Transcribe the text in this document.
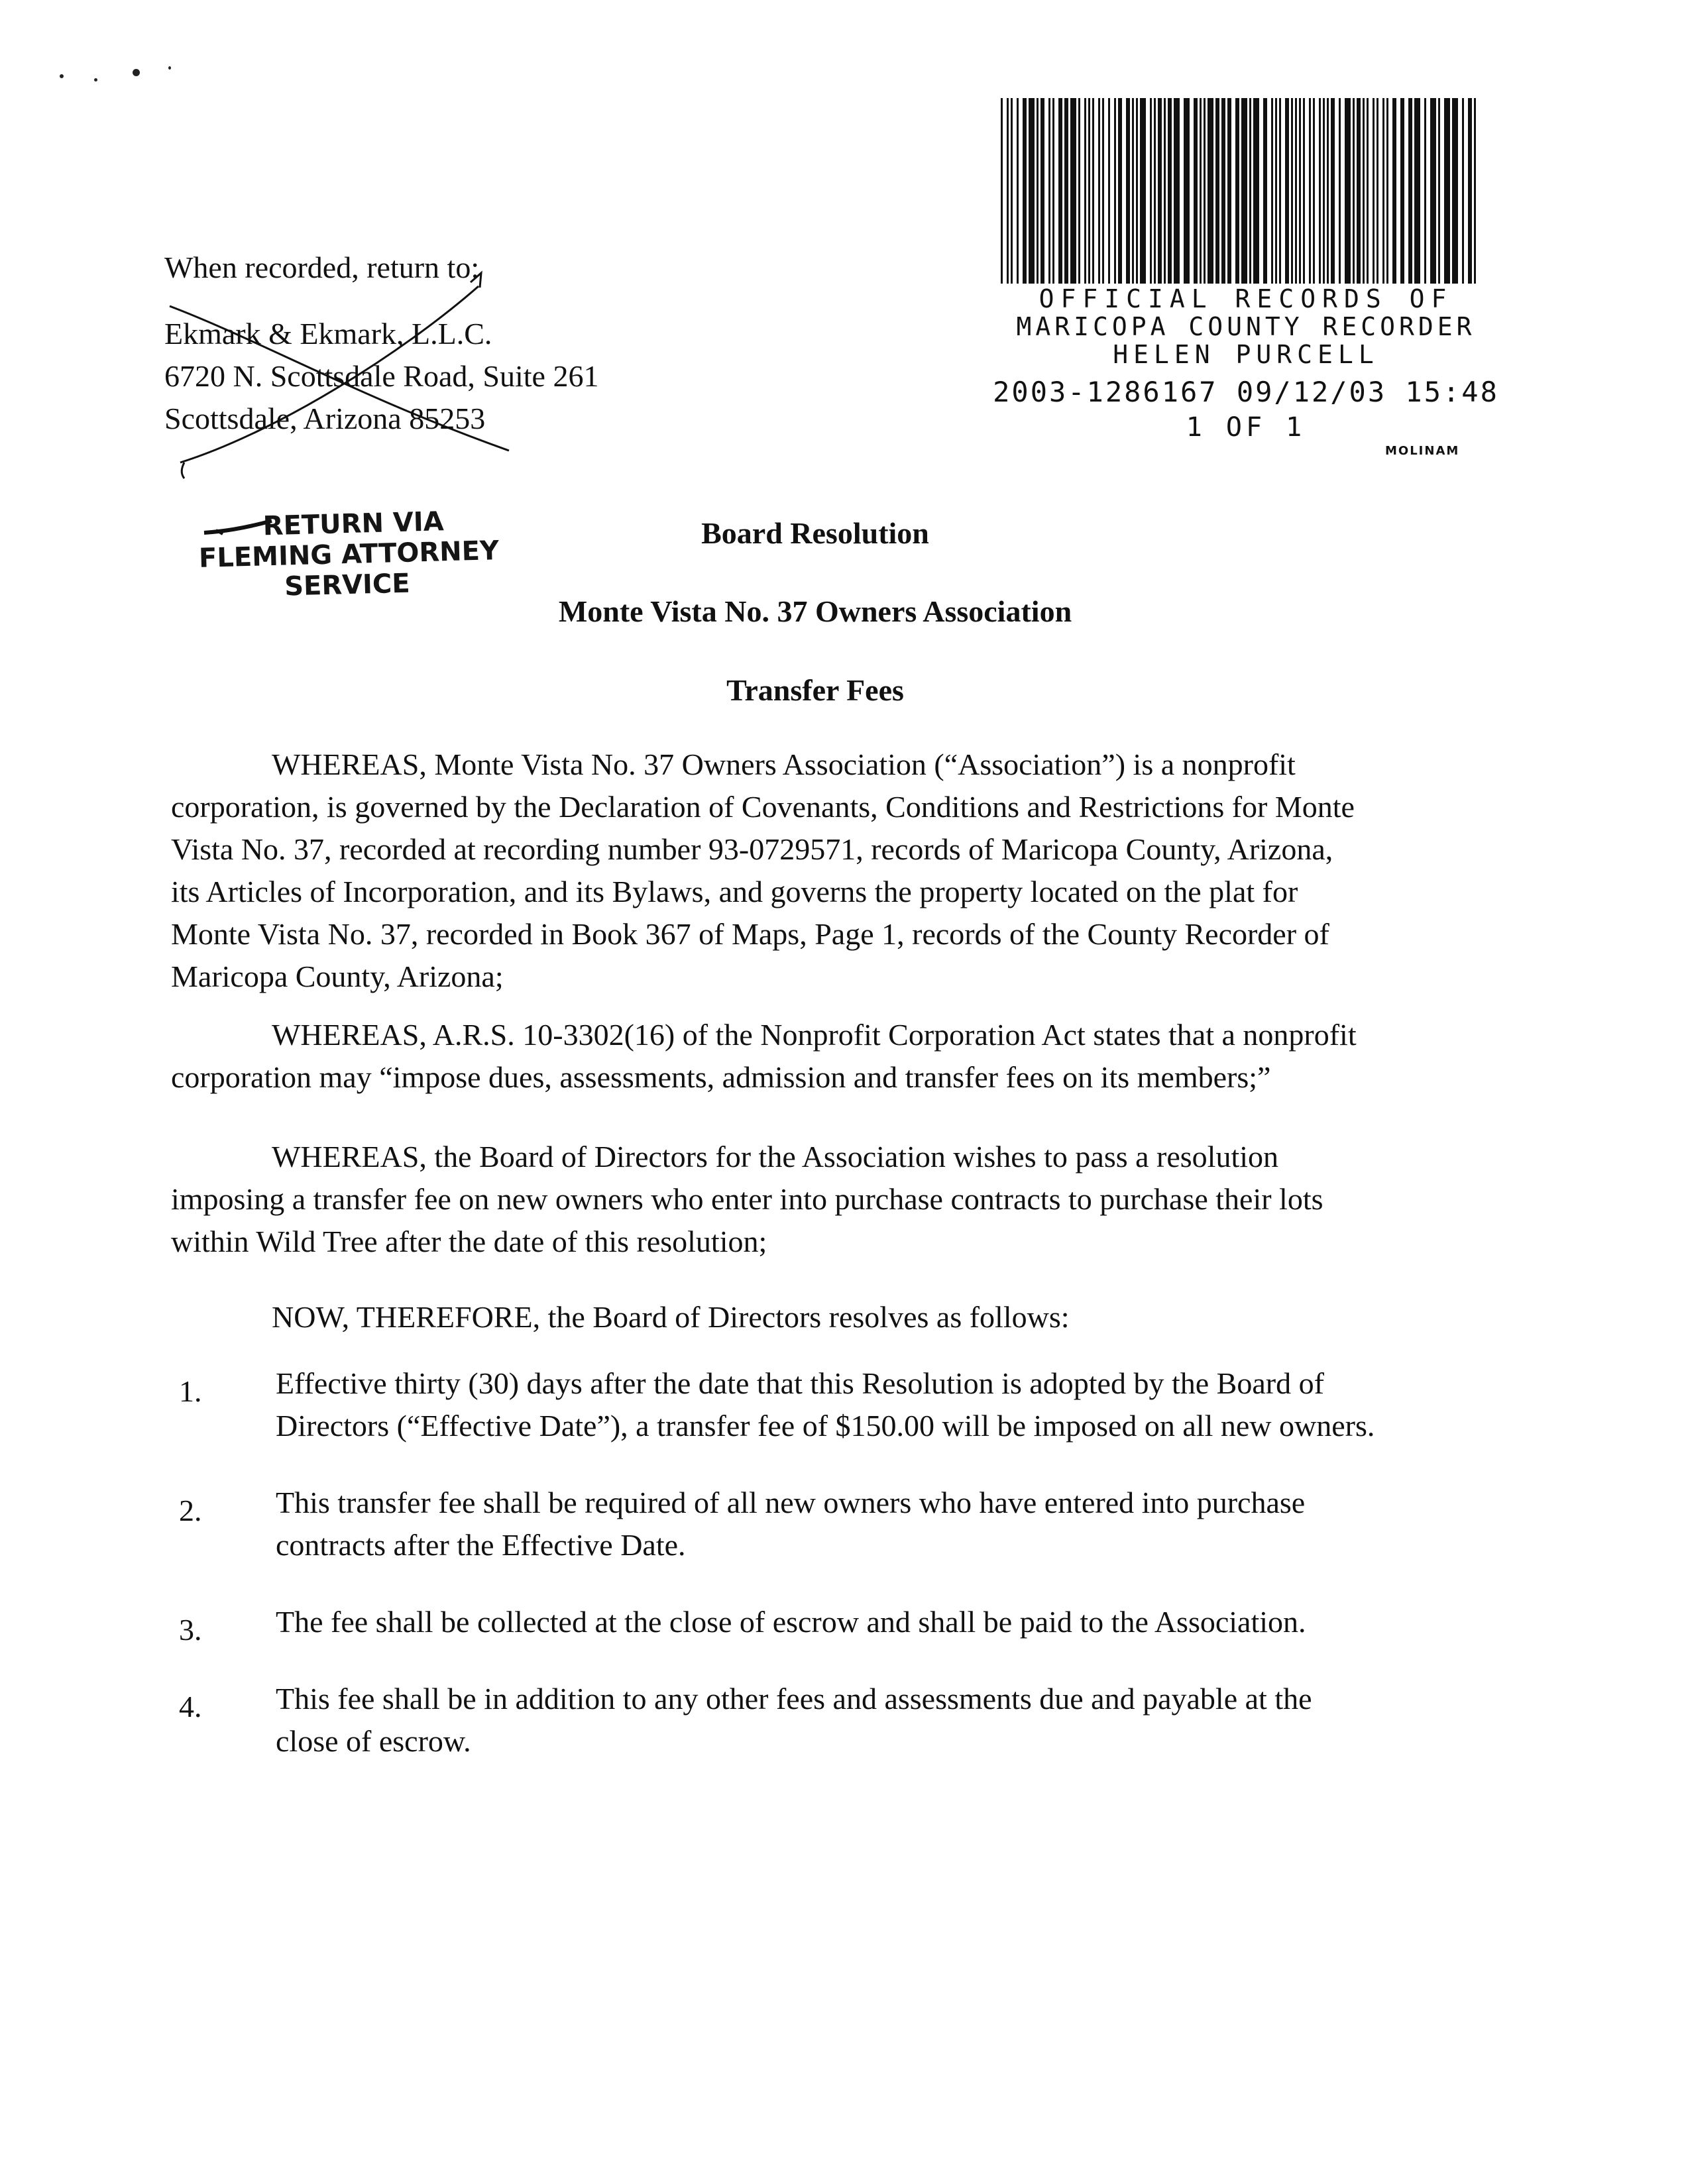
When recorded, return to:
Ekmark & Ekmark, L.L.C.
6720 N. Scottsdale Road, Suite 261
Scottsdale, Arizona 85253
OFFICIAL RECORDS OF
MARICOPA COUNTY RECORDER
HELEN PURCELL
2003-1286167 09/12/03 15:48
1 OF 1
MOLINAM
RETURN VIA
FLEMING ATTORNEY
SERVICE
Board Resolution
Monte Vista No. 37 Owners Association
Transfer Fees
WHEREAS, Monte Vista No. 37 Owners Association (“Association”) is a nonprofit
corporation, is governed by the Declaration of Covenants, Conditions and Restrictions for Monte
Vista No. 37, recorded at recording number 93-0729571, records of Maricopa County, Arizona,
its Articles of Incorporation, and its Bylaws, and governs the property located on the plat for
Monte Vista No. 37, recorded in Book 367 of Maps, Page 1, records of the County Recorder of
Maricopa County, Arizona;
WHEREAS, A.R.S. 10-3302(16) of the Nonprofit Corporation Act states that a nonprofit
corporation may “impose dues, assessments, admission and transfer fees on its members;”
WHEREAS, the Board of Directors for the Association wishes to pass a resolution
imposing a transfer fee on new owners who enter into purchase contracts to purchase their lots
within Wild Tree after the date of this resolution;
NOW, THEREFORE, the Board of Directors resolves as follows:
1. Effective thirty (30) days after the date that this Resolution is adopted by the Board of
Directors (“Effective Date”), a transfer fee of $150.00 will be imposed on all new owners.
2. This transfer fee shall be required of all new owners who have entered into purchase
contracts after the Effective Date.
3. The fee shall be collected at the close of escrow and shall be paid to the Association.
4. This fee shall be in addition to any other fees and assessments due and payable at the
close of escrow.
